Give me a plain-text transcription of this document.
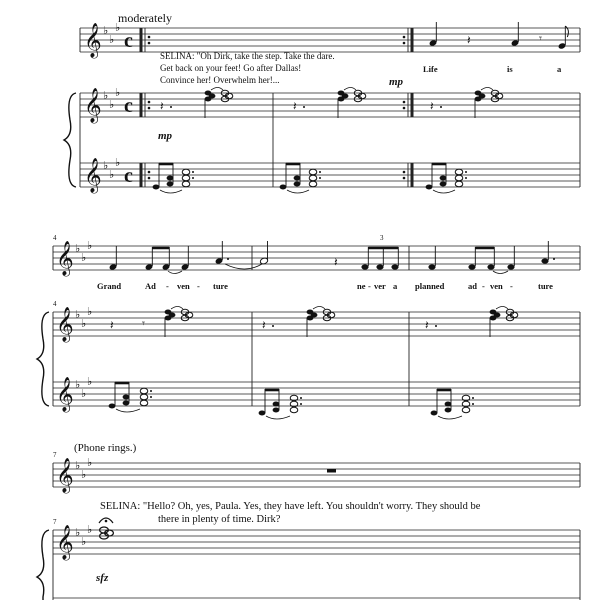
moderately
𝄞
𝄞
𝄞
♭
♭
♭
♭
♭
♭
♭
♭
♭
c
c
c
SELINA: "Oh Dirk, take the step. Take the dare.
Get back on your feet! Go after Dallas!
Convince her! Overwhelm her!...
𝄽	𝄾
Life	is	a
mp
𝄽	𝄽	𝄽
mp
4
4
𝄞
𝄞
𝄞
♭
♭
♭
♭
♭
♭
♭
♭
♭
𝄽
3
Grand	Ad - ven - ture	ne - ver a planned	ad - ven -	ture
𝄽	𝄾	𝄽	𝄽
(Phone rings.)
7
7
𝄞 ♭
♭
♭
SELINA: "Hello? Oh, yes, Paula. Yes, they have left. You shouldn't worry. They should be
there in plenty of time. Dirk?
𝄞 ♭
♭
♭
sfz
